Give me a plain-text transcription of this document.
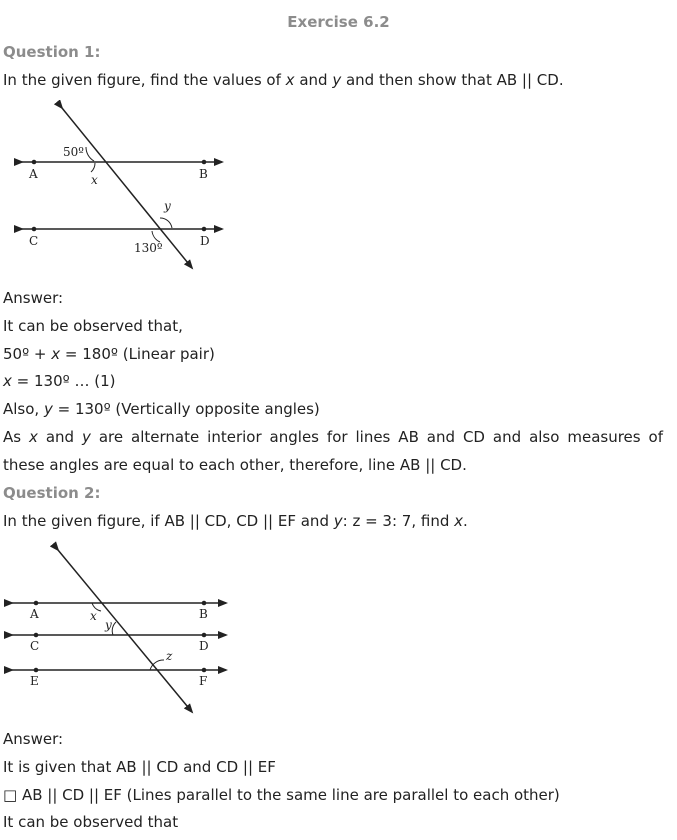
Exercise 6.2
Question 1:
In the given figure, find the values of x and y and then show that AB || CD.
A	B
C	D
50º
x
y
130º
Answer:
It can be observed that,
50º + x = 180º (Linear pair)
x = 130º … (1)
Also, y = 130º (Vertically opposite angles)
As x and y are alternate interior angles for lines AB and CD and also measures of
these angles are equal to each other, therefore, line AB || CD.
Question 2:
In the given figure, if AB || CD, CD || EF and y: z = 3: 7, find x.
A	B
C	D
E	F
x
y
z
Answer:
It is given that AB || CD and CD || EF
□ AB || CD || EF (Lines parallel to the same line are parallel to each other)
It can be observed that
